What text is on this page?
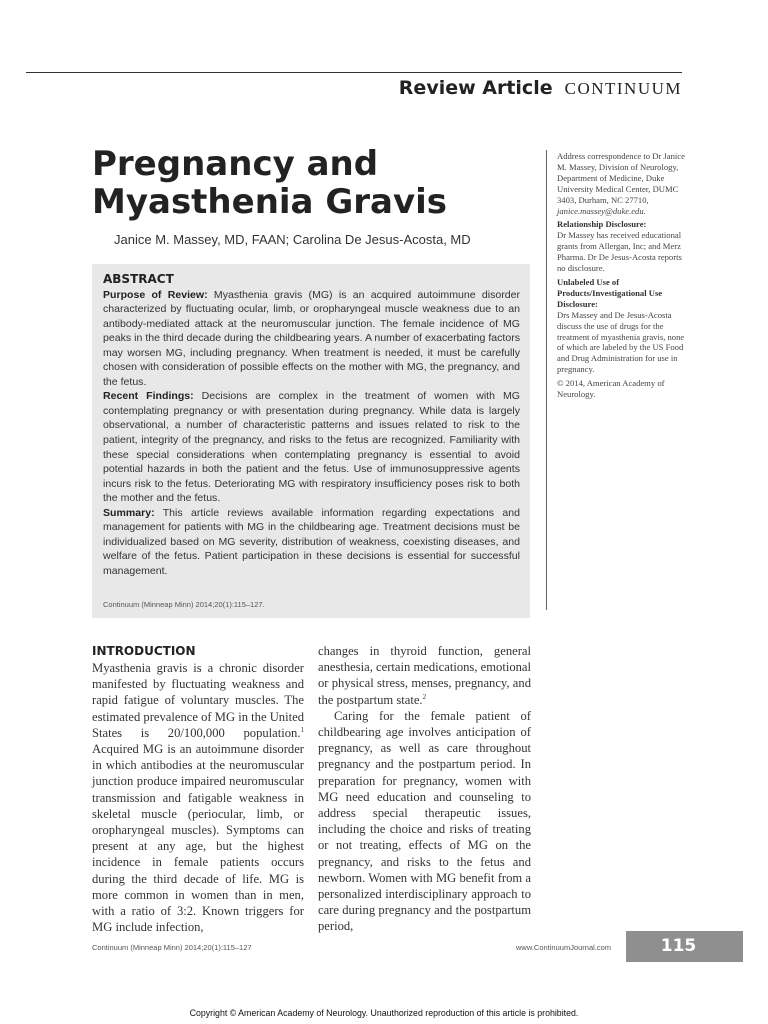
Review Article CONTINUUM
Pregnancy and
Myasthenia Gravis
Janice M. Massey, MD, FAAN; Carolina De Jesus-Acosta, MD

Address correspondence to Dr Janice M. Massey, Division of Neurology, Department of Medicine, Duke University Medical Center, DUMC 3403, Durham, NC 27710, janice.massey@duke.edu.

Relationship Disclosure:
Dr Massey has received educational grants from Allergan, Inc; and Merz Pharma. Dr De Jesus-Acosta reports no disclosure.

Unlabeled Use of Products/Investigational Use Disclosure:
Drs Massey and De Jesus-Acosta discuss the use of drugs for the treatment of myasthenia gravis, none of which are labeled by the US Food and Drug Administration for use in pregnancy.

© 2014, American Academy of Neurology.

ABSTRACT

Purpose of Review: Myasthenia gravis (MG) is an acquired autoimmune disorder characterized by fluctuating ocular, limb, or oropharyngeal muscle weakness due to an antibody-mediated attack at the neuromuscular junction. The female incidence of MG peaks in the third decade during the childbearing years. A number of exacerbating factors may worsen MG, including pregnancy. When treatment is needed, it must be carefully chosen with consideration of possible effects on the mother with MG, the pregnancy, and the fetus.

Recent Findings: Decisions are complex in the treatment of women with MG contemplating pregnancy or with presentation during pregnancy. While data is largely observational, a number of characteristic patterns and issues related to risk to the patient, integrity of the pregnancy, and risks to the fetus are recognized. Familiarity with these special considerations when contemplating pregnancy is essential to avoid potential hazards in both the patient and the fetus. Use of immunosuppressive agents incurs risk to the fetus. Deteriorating MG with respiratory insufficiency poses risk to both the mother and the fetus.

Summary: This article reviews available information regarding expectations and management for patients with MG in the childbearing age. Treatment decisions must be individualized based on MG severity, distribution of weakness, coexisting diseases, and welfare of the fetus. Patient participation in these decisions is essential for successful management.

Continuum (Minneap Minn) 2014;20(1):115–127.
INTRODUCTION

Myasthenia gravis is a chronic disorder manifested by fluctuating weakness and rapid fatigue of voluntary muscles. The estimated prevalence of MG in the United States is 20/100,000 population.$^1$ Acquired MG is an autoimmune disorder in which antibodies at the neuromuscular junction produce impaired neuromuscular transmission and fatigable weakness in skeletal muscle (periocular, limb, or oropharyngeal muscles). Symptoms can present at any age, but the highest incidence in female patients occurs during the third decade of life. MG is more common in women than in men, with a ratio of 3:2. Known triggers for MG include infection,

changes in thyroid function, general anesthesia, certain medications, emotional or physical stress, menses, pregnancy, and the postpartum state.$^2$

Caring for the female patient of childbearing age involves anticipation of pregnancy, as well as care throughout pregnancy and the postpartum period. In preparation for pregnancy, women with MG need education and counseling to address special therapeutic issues, including the choice and risks of treating or not treating, effects of MG on the pregnancy, and risks to the fetus and newborn. Women with MG benefit from a personalized interdisciplinary approach to care during pregnancy and the postpartum period,

Continuum (Minneap Minn) 2014;20(1):115–127	www.ContinuumJournal.com	115
Copyright © American Academy of Neurology. Unauthorized reproduction of this article is prohibited.
